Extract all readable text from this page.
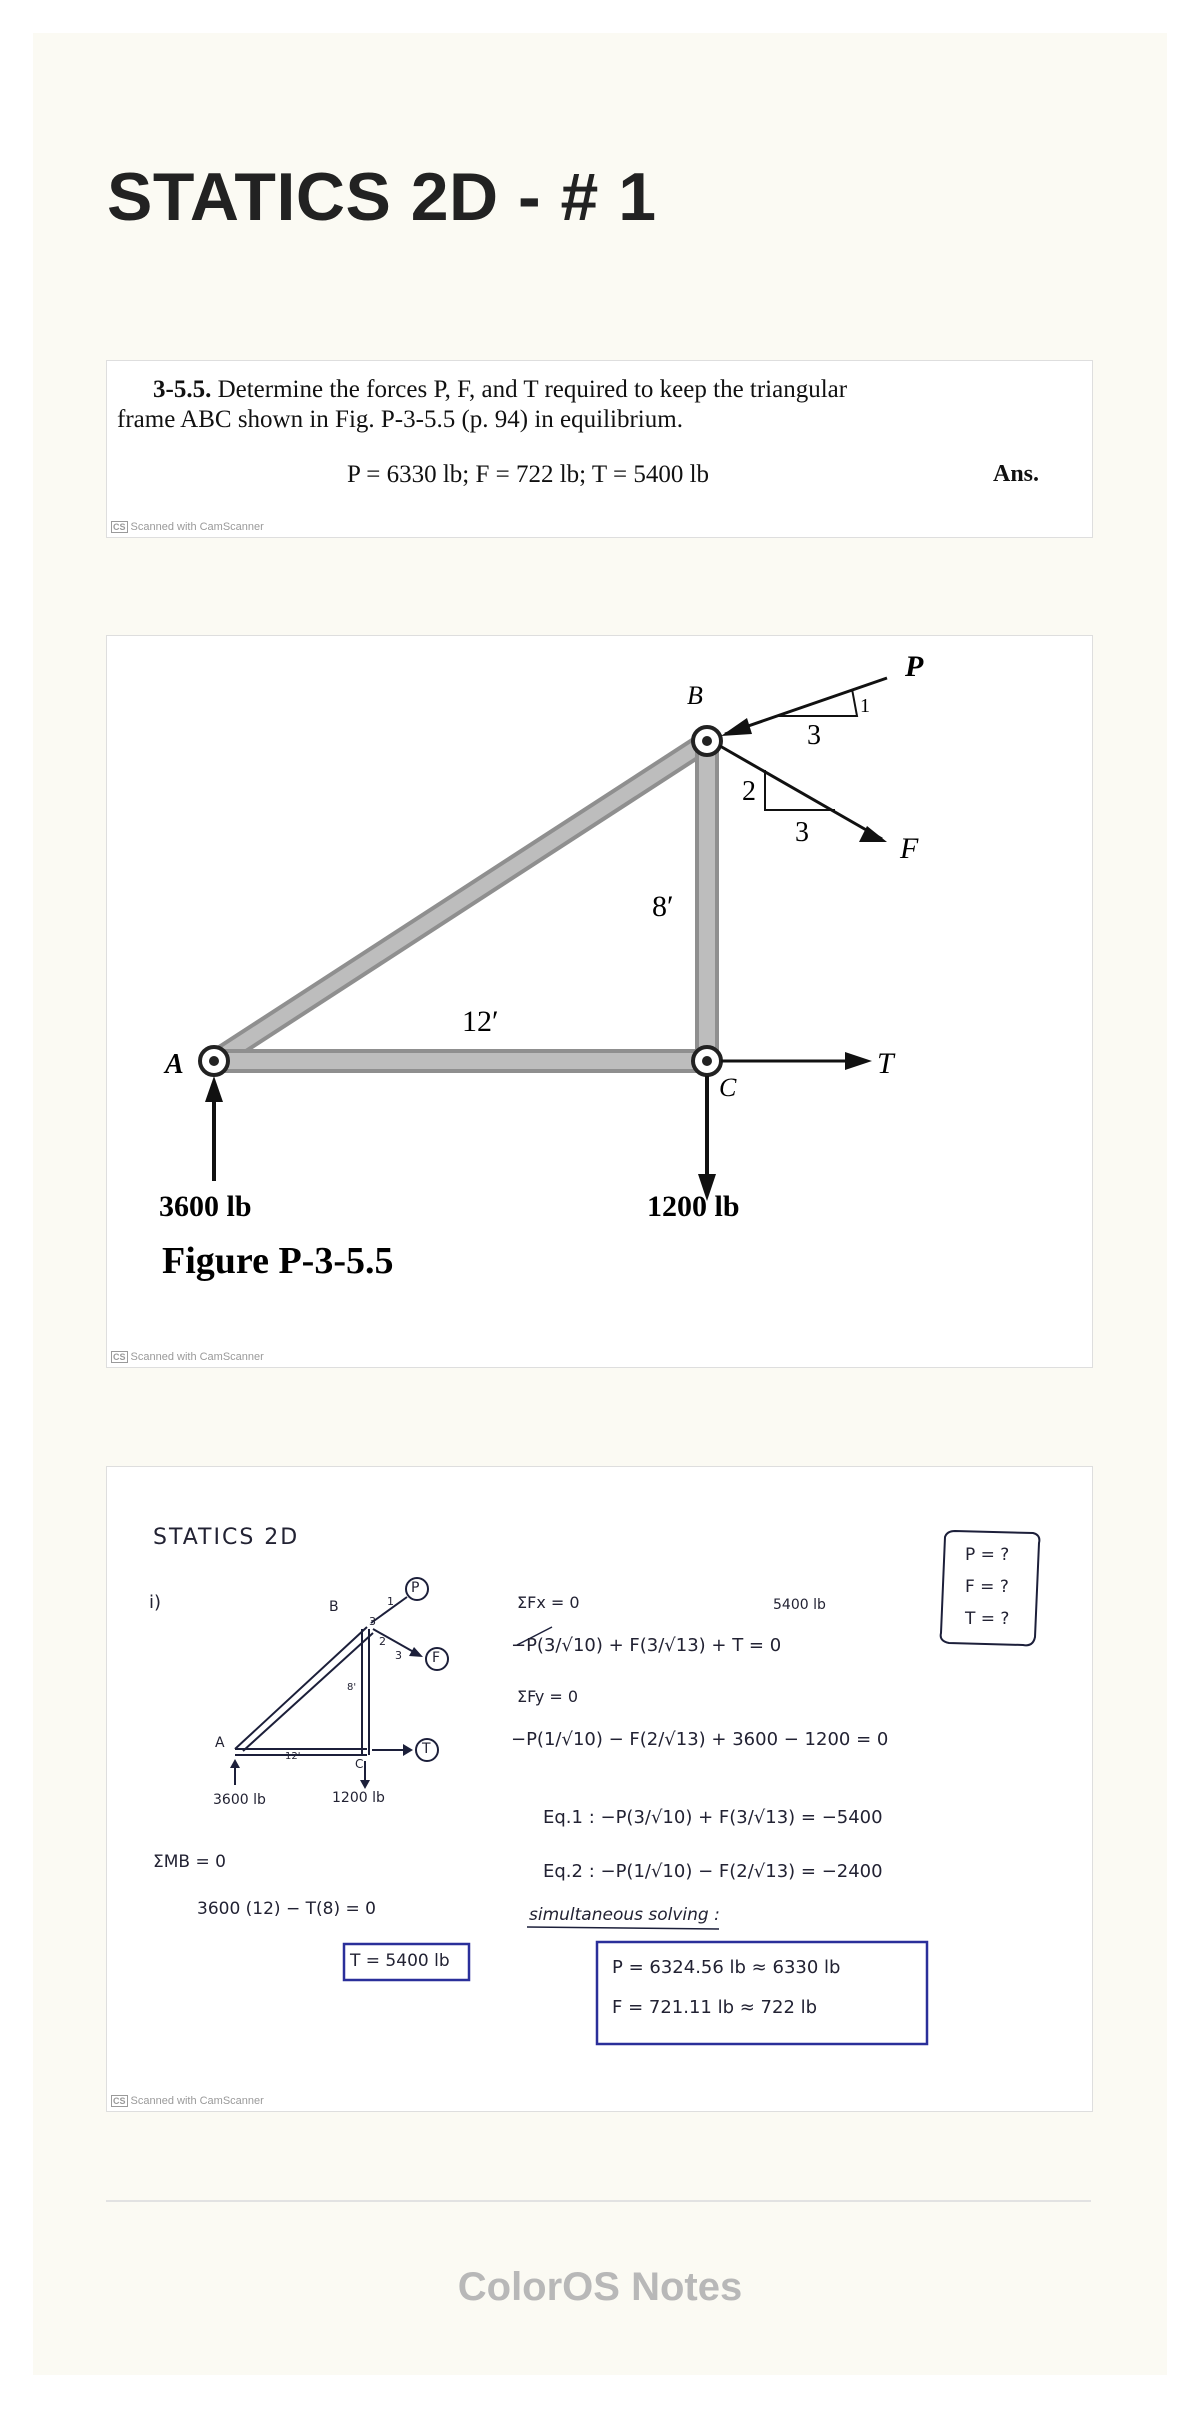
STATICS 2D - # 1
3-5.5. Determine the forces P, F, and T required to keep the triangular
frame ABC shown in Fig. P-3-5.5 (p. 94) in equilibrium.
P = 6330 lb; F = 722 lb; T = 5400 lb	Ans.
CS Scanned with CamScanner
B
P
F
T
A
C
3
1
2
3
8′
12′
3600 lb	1200 lb
Figure P-3-5.5
CS Scanned with CamScanner
STATICS 2D
i)	B	1
3
2
3
P
F
T
8'
12'
A
C
3600 lb	1200 lb
ΣMB = 0
3600 (12) − T(8) = 0
T = 5400 lb
ΣFx = 0	5400 lb
−P(3/√10) + F(3/√13) + T = 0
ΣFy = 0
−P(1/√10) − F(2/√13) + 3600 − 1200 = 0
Eq.1 : −P(3/√10) + F(3/√13) = −5400
Eq.2 : −P(1/√10) − F(2/√13) = −2400
simultaneous solving :
P = 6324.56 lb ≈ 6330 lb
F = 721.11 lb ≈ 722 lb
P = ?
F = ?
T = ?
CS Scanned with CamScanner
ColorOS Notes
